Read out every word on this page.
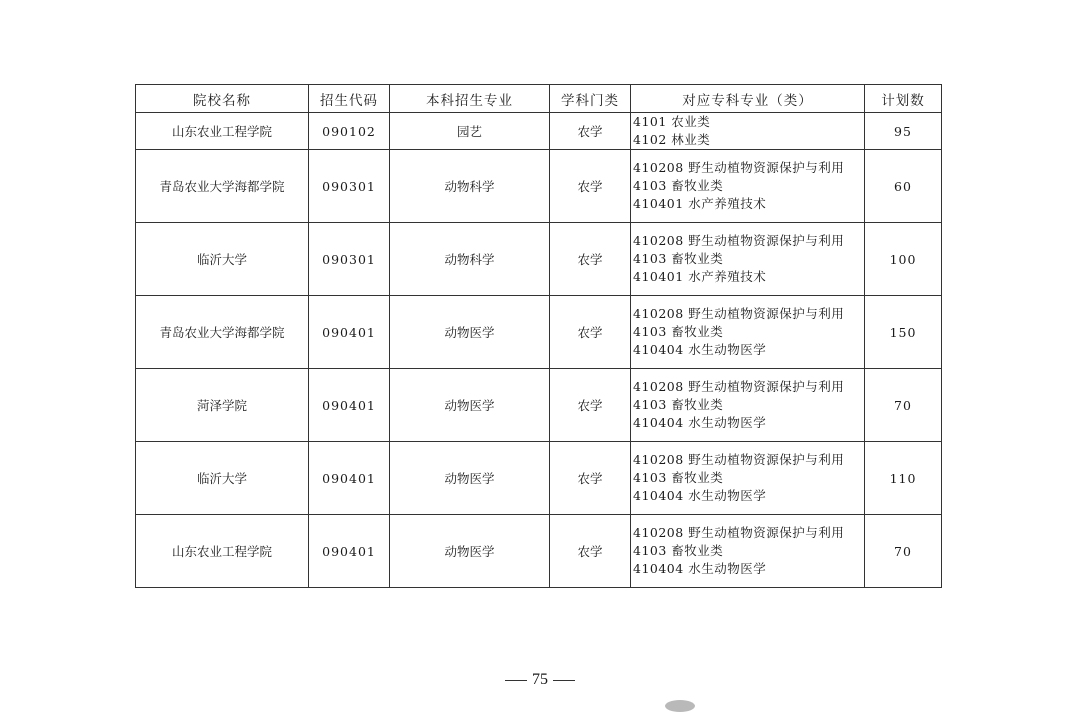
院校名称	招生代码	本科招生专业	学科门类	对应专科专业（类）	计划数
山东农业工程学院	090102	园艺	农学	4101 农业类
4102 林业类	95
青岛农业大学海都学院	090301	动物科学	农学	410208 野生动植物资源保护与利用
4103 畜牧业类
410401 水产养殖技术	60
临沂大学	090301	动物科学	农学	410208 野生动植物资源保护与利用
4103 畜牧业类
410401 水产养殖技术	100
青岛农业大学海都学院	090401	动物医学	农学	410208 野生动植物资源保护与利用
4103 畜牧业类
410404 水生动物医学	150
菏泽学院	090401	动物医学	农学	410208 野生动植物资源保护与利用
4103 畜牧业类
410404 水生动物医学	70
临沂大学	090401	动物医学	农学	410208 野生动植物资源保护与利用
4103 畜牧业类
410404 水生动物医学	110
山东农业工程学院	090401	动物医学	农学	410208 野生动植物资源保护与利用
4103 畜牧业类
410404 水生动物医学	70
75
